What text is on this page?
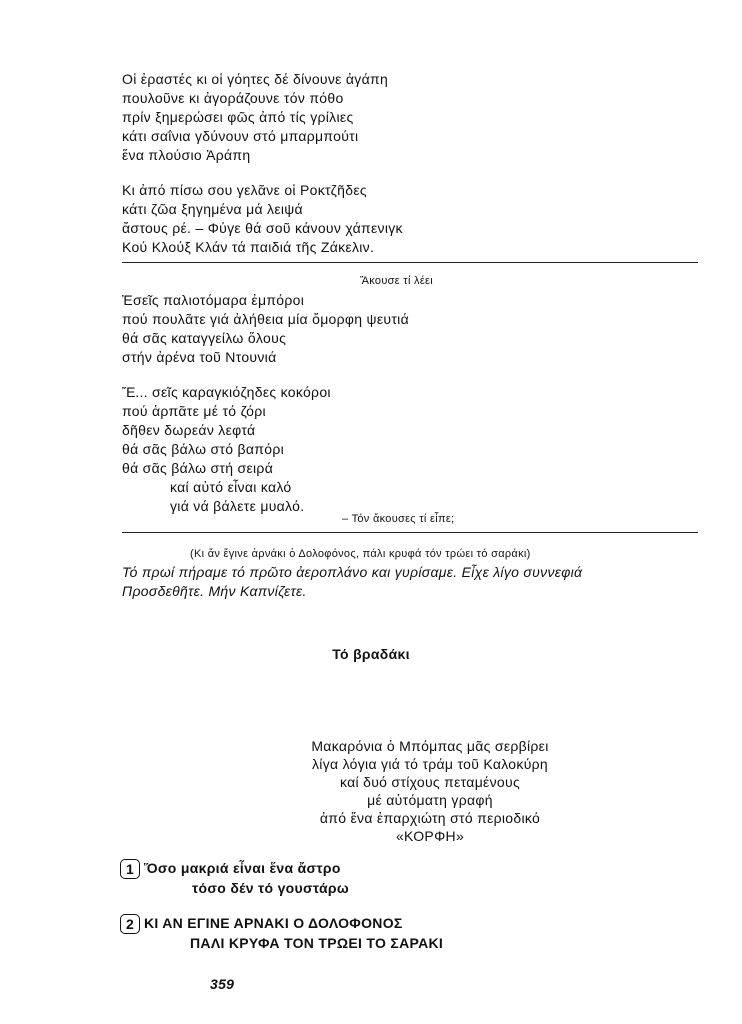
Οἱ ἐραστές κι οἱ γόητες δέ δίνουνε ἀγάπη
πουλοῦνε κι ἀγοράζουνε τόν πόθο
πρίν ξημερώσει φῶς ἀπό τίς γρίλιες
κάτι σαΐνια γδύνουν στό μπαρμπούτι
ἕνα πλούσιο Ἀράπη
Κι ἀπό πίσω σου γελᾶνε οἱ Ροκτζῆδες
κάτι ζῶα ξηγημένα μά λειψά
ἄστους ρέ. – Φύγε θά σοῦ κάνουν χάπενιγκ
Κού Κλούξ Κλάν τά παιδιά τῆς Ζάκελιν.
Ἄκουσε τί λέει
Ἐσεῖς παλιοτόμαρα ἐμπόροι
πού πουλᾶτε γιά ἀλήθεια μία ὄμορφη ψευτιά
θά σᾶς καταγγείλω ὅλους
στήν ἀρένα τοῦ Ντουνιά
Ἔ... σεῖς καραγκιόζηδες κοκόροι
πού ἁρπᾶτε μέ τό ζόρι
δῆθεν δωρεάν λεφτά
θά σᾶς βάλω στό βαπόρι
θά σᾶς βάλω στή σειρά
καί αὐτό εἶναι καλό
γιά νά βάλετε μυαλό.
– Τόν ἄκουσες τί εἶπε;
(Κι ἄν ἔγινε ἀρνάκι ὁ Δολοφόνος, πάλι κρυφά τόν τρώει τό σαράκι)
Τό πρωί πήραμε τό πρῶτο ἀεροπλάνο και γυρίσαμε. Εἶχε λίγο συννεφιά
Προσδεθῆτε. Μήν Καπνίζετε.
Τό βραδάκι
Μακαρόνια ὁ Μπόμπας μᾶς σερβίρει
λίγα λόγια γιά τό τράμ τοῦ Καλοκύρη
καί δυό στίχους πεταμένους
μέ αὐτόματη γραφή
ἀπό ἕνα ἐπαρχιώτη στό περιοδικό
«ΚΟΡΦΗ»
1 Ὅσο μακριά εἶναι ἕνα ἄστρο
τόσο δέν τό γουστάρω
2 ΚΙ ΑΝ ΕΓΙΝΕ ΑΡΝΑΚΙ Ο ΔΟΛΟΦΟΝΟΣ
ΠΑΛΙ ΚΡΥΦΑ ΤΟΝ ΤΡΩΕΙ ΤΟ ΣΑΡΑΚΙ
359
